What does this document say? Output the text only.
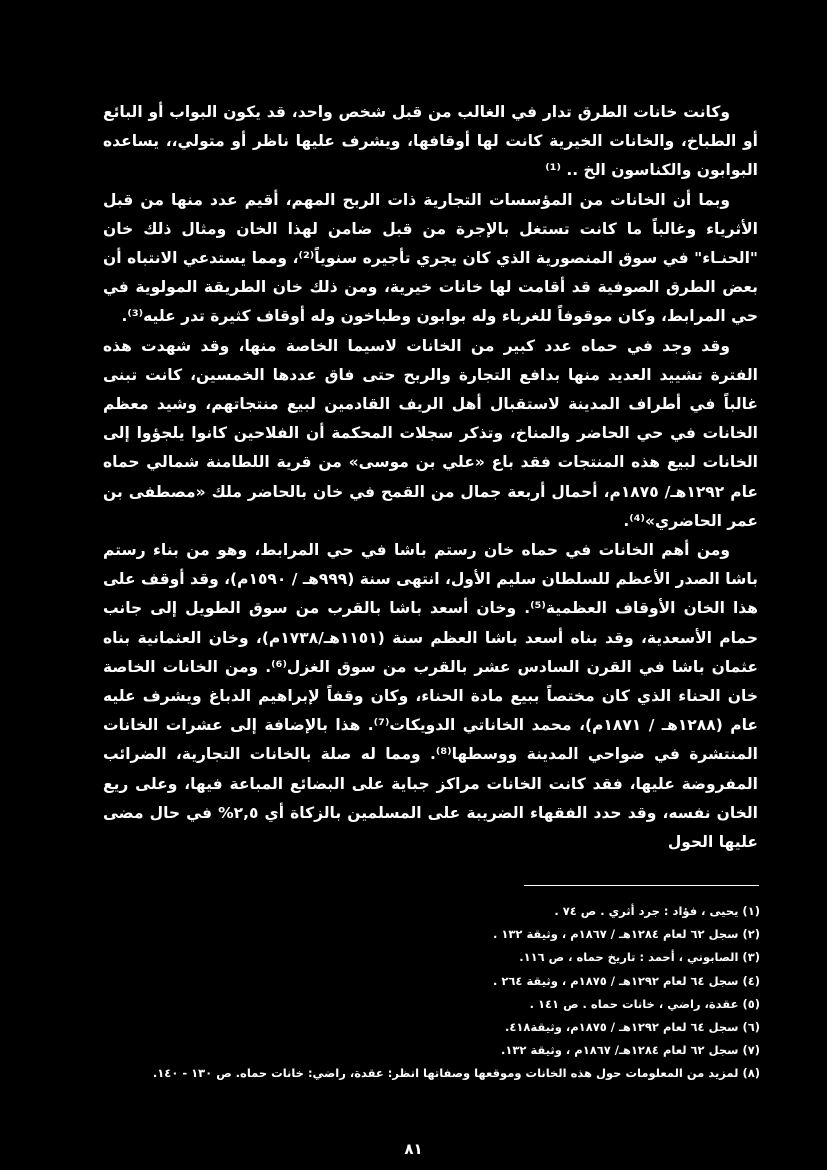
وكانت خانات الطرق تدار في الغالب من قبل شخص واحد، قد يكون البواب أو البائع أو الطباخ، والخانات الخيرية كانت لها أوقافها، ويشرف عليها ناظر أو متولي،، يساعده البوابون والكناسون الخ .. ⁽¹⁾

وبما أن الخانات من المؤسسات التجارية ذات الربح المهم، أقيم عدد منها من قبل الأثرياء وغالباً ما كانت تستغل بالإجرة من قبل ضامن لهذا الخان ومثال ذلك خان "الحنـاء" في سوق المنصورية الذي كان يجري تأجيره سنوياً⁽²⁾، ومما يستدعي الانتباه أن بعض الطرق الصوفية قد أقامت لها خانات خيرية، ومن ذلك خان الطريقة المولوية في حي المرابط، وكان موقوفاً للغرباء وله بوابون وطباخون وله أوقاف كثيرة تدر عليه⁽³⁾.

وقد وجد في حماه عدد كبير من الخانات لاسيما الخاصة منها، وقد شهدت هذه الفترة تشييد العديد منها بدافع التجارة والربح حتى فاق عددها الخمسين، كانت تبنى غالباً في أطراف المدينة لاستقبال أهل الريف القادمين لبيع منتجاتهم، وشيد معظم الخانات في حي الحاضر والمناخ، وتذكر سجلات المحكمة أن الفلاحين كانوا يلجؤوا إلى الخانات لبيع هذه المنتجات فقد باع «علي بن موسى» من قرية اللطامنة شمالي حماه عام ١٢٩٢هـ/ ١٨٧٥م، أحمال أربعة جمال من القمح في خان بالحاضر ملك «مصطفى بن عمر الحاضري»⁽⁴⁾.

ومن أهم الخانات في حماه خان رستم باشا في حي المرابط، وهو من بناء رستم باشا الصدر الأعظم للسلطان سليم الأول، انتهى سنة (٩٩٩هـ / ١٥٩٠م)، وقد أوقف على هذا الخان الأوقاف العظمية⁽⁵⁾. وخان أسعد باشا بالقرب من سوق الطويل إلى جانب حمام الأسعدية، وقد بناه أسعد باشا العظم سنة (١١٥١هـ/١٧٣٨م)، وخان العثمانية بناه عثمان باشا في القرن السادس عشر بالقرب من سوق الغزل⁽⁶⁾. ومن الخانات الخاصة خان الحناء الذي كان مختصاً ببيع مادة الحناء، وكان وقفاً لإبراهيم الدباغ ويشرف عليه عام (١٢٨٨هـ / ١٨٧١م)، محمد الخاناتي الدويكات⁽⁷⁾. هذا بالإضافة إلى عشرات الخانات المنتشرة في ضواحي المدينة ووسطها⁽⁸⁾. ومما له صلة بالخانات التجارية، الضرائب المفروضة عليها، فقد كانت الخانات مراكز جباية على البضائع المباعة فيها، وعلى ريع الخان نفسه، وقد حدد الفقهاء الضريبة على المسلمين بالزكاة أي ٢,٥% في حال مضى عليها الحول

(١) يحيى ، فؤاد : جرد أثري . ص ٧٤ .
(٢) سجل ٦٢ لعام ١٢٨٤هـ / ١٨٦٧م ، وثيقة ١٣٢ .
(٣) الصابوني ، أحمد : تاريخ حماه ، ص ١١٦.
(٤) سجل ٦٤ لعام ١٢٩٢هـ / ١٨٧٥م ، وثيقة ٢٦٤ .
(٥) عقدة، راضي ، خانات حماه . ص ١٤١ .
(٦) سجل ٦٤ لعام ١٢٩٢هـ / ١٨٧٥م، وثيقة٤١٨.
(٧) سجل ٦٢ لعام ١٢٨٤هـ/ ١٨٦٧م ، وثيقة ١٣٢.
(٨) لمزيد من المعلومات حول هذه الخانات وموقعها وصفاتها انظر: عقدة، راضي: خانات حماه. ص ١٣٠ - ١٤٠.
٨١
